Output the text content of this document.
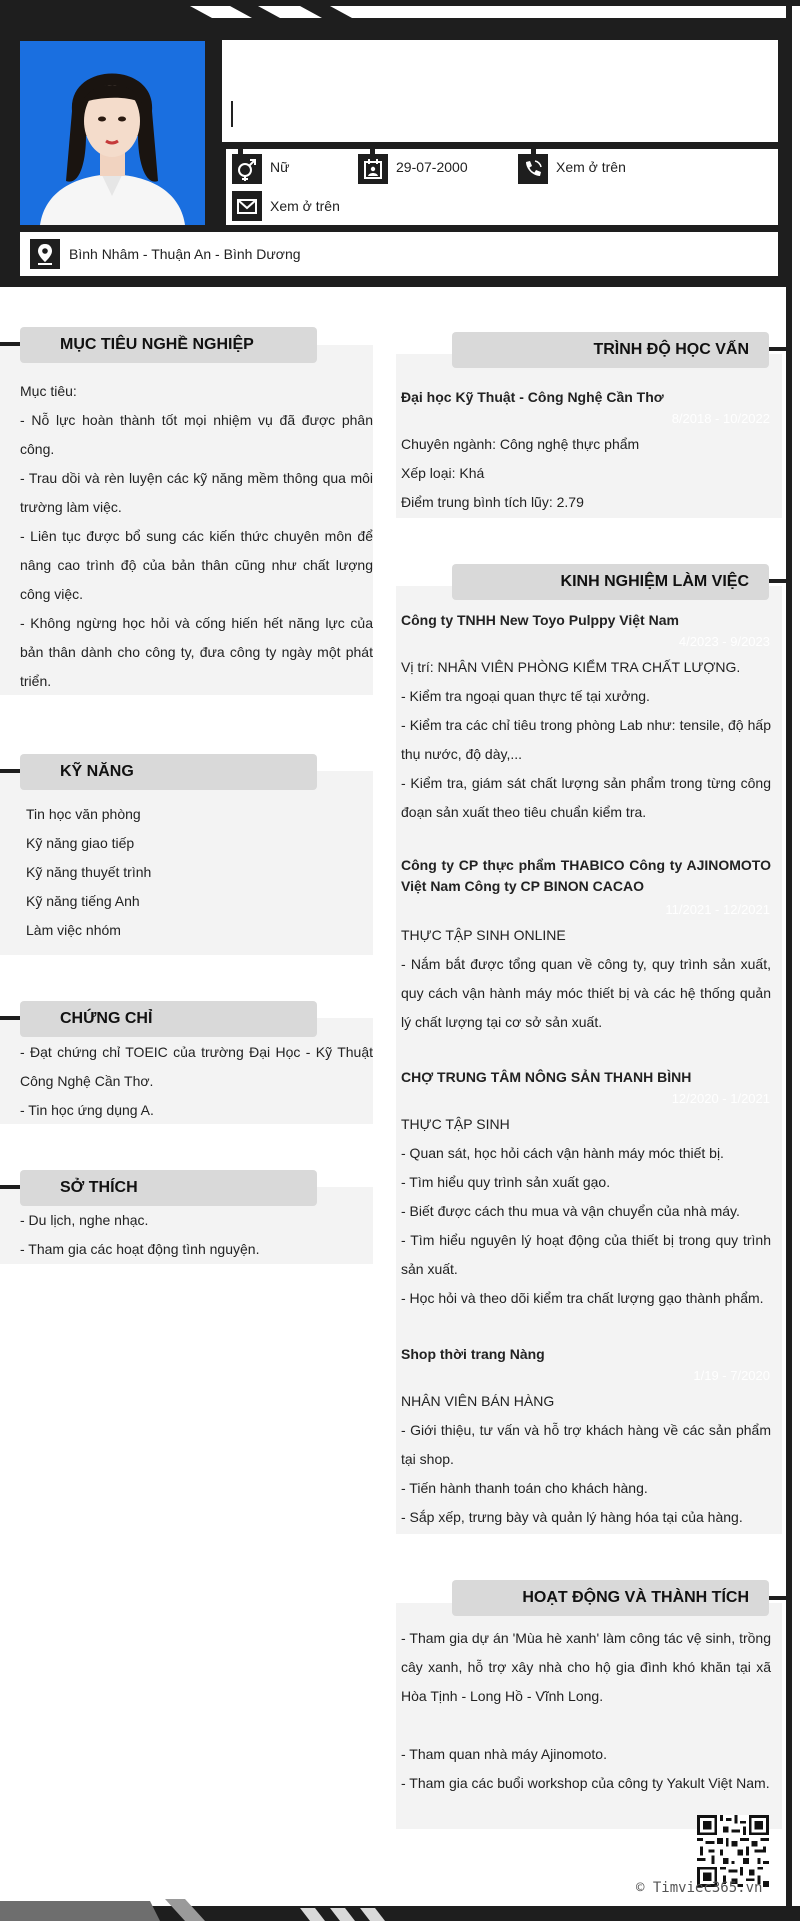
Nữ	29-07-2000	Xem ở trên
Xem ở trên
Bình Nhâm - Thuận An - Bình Dương
MỤC TIÊU NGHỀ NGHIỆP

Mục tiêu:

- Nỗ lực hoàn thành tốt mọi nhiệm vụ đã được phân công.

- Trau dồi và rèn luyện các kỹ năng mềm thông qua môi trường làm việc.

- Liên tục được bổ sung các kiến thức chuyên môn để nâng cao trình độ của bản thân cũng như chất lượng công việc.

- Không ngừng học hỏi và cống hiến hết năng lực của bản thân dành cho công ty, đưa công ty ngày một phát triển.

KỸ NĂNG

Tin học văn phòng

Kỹ năng giao tiếp

Kỹ năng thuyết trình

Kỹ năng tiếng Anh

Làm việc nhóm

CHỨNG CHỈ

- Đạt chứng chỉ TOEIC của trường Đại Học - Kỹ Thuật Công Nghệ Cần Thơ.

- Tin học ứng dụng A.

SỞ THÍCH

- Du lịch, nghe nhạc.

- Tham gia các hoạt động tình nguyện.

TRÌNH ĐỘ HỌC VẤN
Đại học Kỹ Thuật - Công Nghệ Cần Thơ
8/2018 - 10/2022

Chuyên ngành: Công nghệ thực phẩm

Xếp loại: Khá

Điểm trung bình tích lũy: 2.79

KINH NGHIỆM LÀM VIỆC
Công ty TNHH New Toyo Pulppy Việt Nam
4/2023 - 9/2023

Vị trí: NHÂN VIÊN PHÒNG KIỂM TRA CHẤT LƯỢNG.

- Kiểm tra ngoại quan thực tế tại xưởng.

- Kiểm tra các chỉ tiêu trong phòng Lab như: tensile, độ hấp thụ nước, độ dày,...

- Kiểm tra, giám sát chất lượng sản phẩm trong từng công đoạn sản xuất theo tiêu chuẩn kiểm tra.

Công ty CP thực phẩm THABICO Công ty AJINOMOTO Việt Nam Công ty CP BINON CACAO
11/2021 - 12/2021

THỰC TẬP SINH ONLINE

- Nắm bắt được tổng quan về công ty, quy trình sản xuất, quy cách vận hành máy móc thiết bị và các hệ thống quản lý chất lượng tại cơ sở sản xuất.

CHỢ TRUNG TÂM NÔNG SẢN THANH BÌNH
12/2020 - 1/2021

THỰC TẬP SINH

- Quan sát, học hỏi cách vận hành máy móc thiết bị.

- Tìm hiểu quy trình sản xuất gạo.

- Biết được cách thu mua và vận chuyển của nhà máy.

- Tìm hiểu nguyên lý hoạt động của thiết bị trong quy trình sản xuất.

- Học hỏi và theo dõi kiểm tra chất lượng gạo thành phẩm.

Shop thời trang Nàng
1/19 - 7/2020

NHÂN VIÊN BÁN HÀNG

- Giới thiệu, tư vấn và hỗ trợ khách hàng về các sản phẩm tại shop.

- Tiến hành thanh toán cho khách hàng.

- Sắp xếp, trưng bày và quản lý hàng hóa tại của hàng.

HOẠT ĐỘNG VÀ THÀNH TÍCH

- Tham gia dự án 'Mùa hè xanh' làm công tác vệ sinh, trồng cây xanh, hỗ trợ xây nhà cho hộ gia đình khó khăn tại xã Hòa Tịnh - Long Hồ - Vĩnh Long.

- Tham quan nhà máy Ajinomoto.

- Tham gia các buổi workshop của công ty Yakult Việt Nam.

© Timviec365.vn
